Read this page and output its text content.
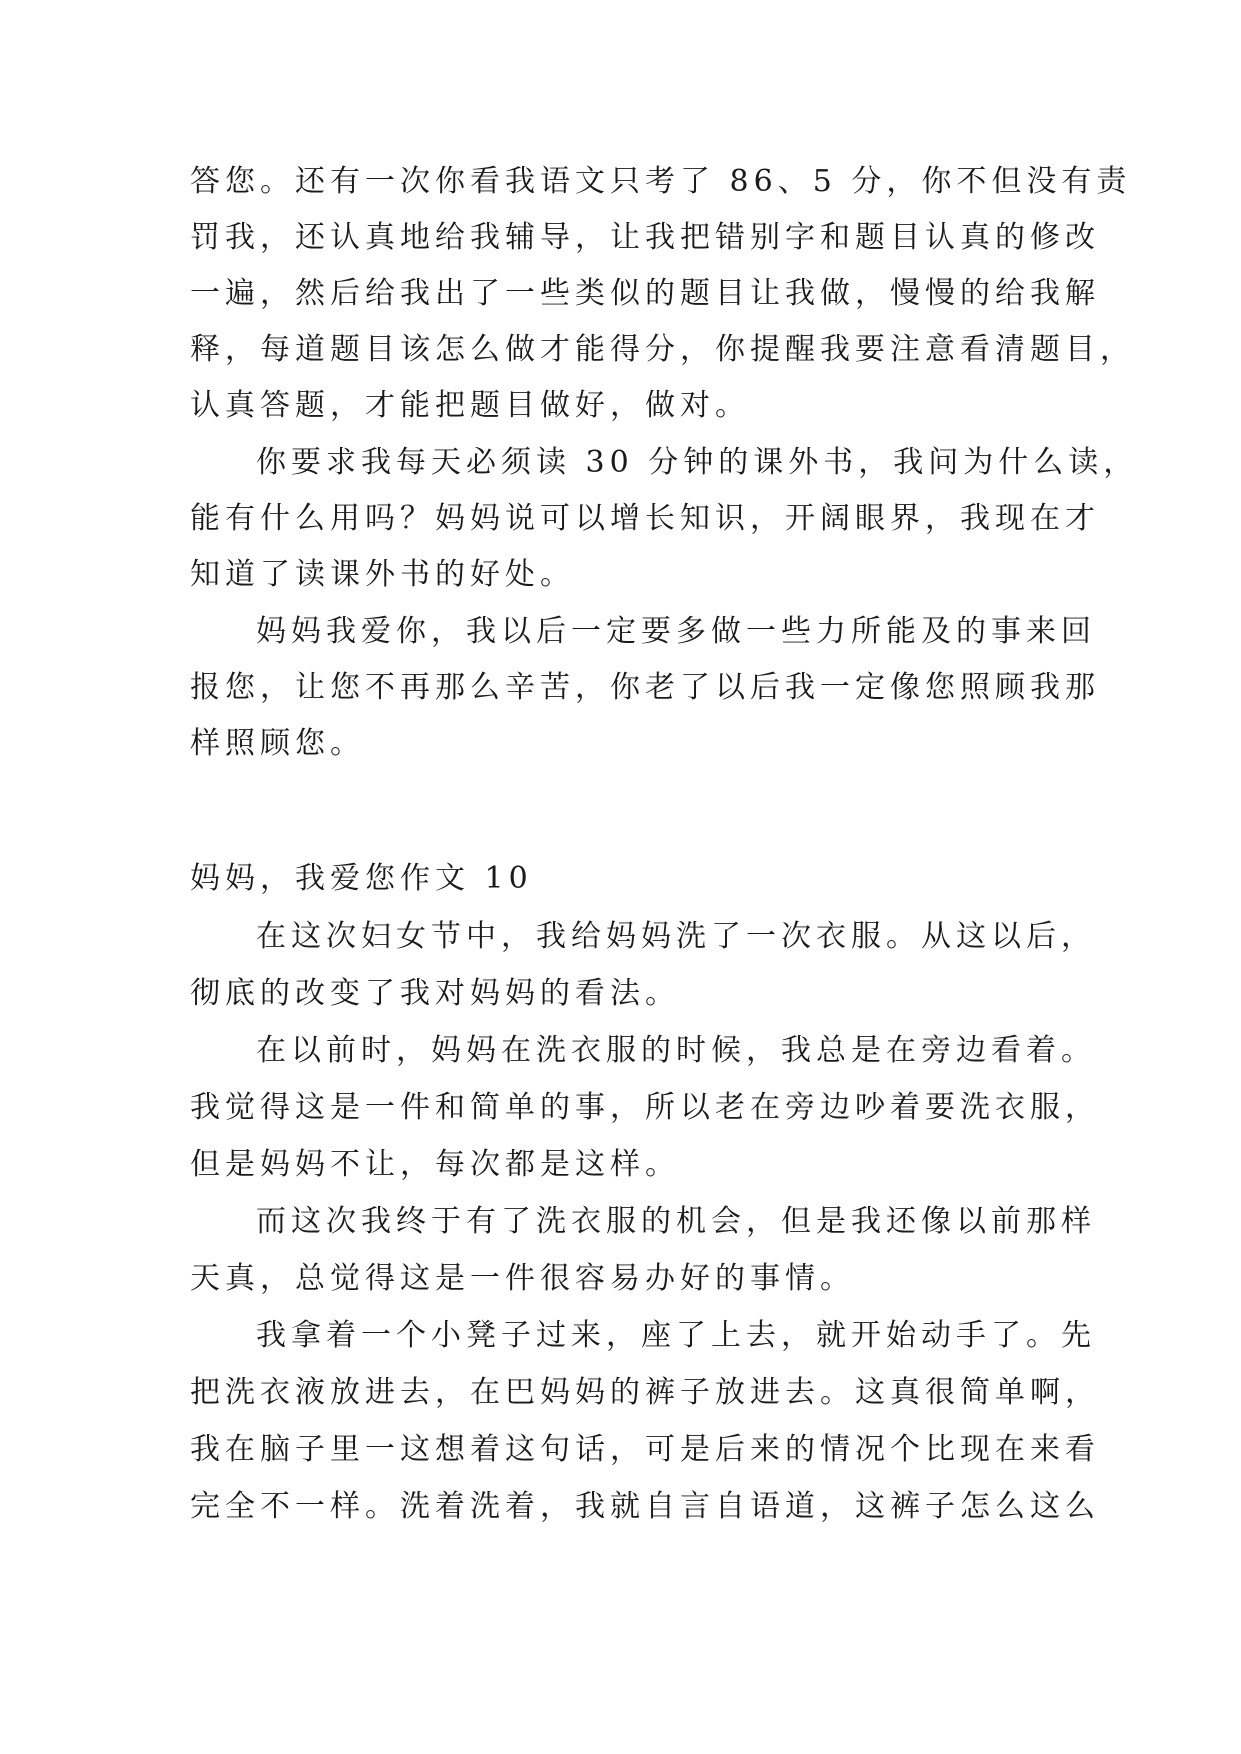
答您。还有一次你看我语文只考了 86、5 分，你不但没有责
罚我，还认真地给我辅导，让我把错别字和题目认真的修改
一遍，然后给我出了一些类似的题目让我做，慢慢的给我解
释，每道题目该怎么做才能得分，你提醒我要注意看清题目，
认真答题，才能把题目做好，做对。
你要求我每天必须读 30 分钟的课外书，我问为什么读，
能有什么用吗？妈妈说可以增长知识，开阔眼界，我现在才
知道了读课外书的好处。
妈妈我爱你，我以后一定要多做一些力所能及的事来回
报您，让您不再那么辛苦，你老了以后我一定像您照顾我那
样照顾您。
妈妈，我爱您作文 10
在这次妇女节中，我给妈妈洗了一次衣服。从这以后，
彻底的改变了我对妈妈的看法。
在以前时，妈妈在洗衣服的时候，我总是在旁边看着。
我觉得这是一件和简单的事，所以老在旁边吵着要洗衣服，
但是妈妈不让，每次都是这样。
而这次我终于有了洗衣服的机会，但是我还像以前那样
天真，总觉得这是一件很容易办好的事情。
我拿着一个小凳子过来，座了上去，就开始动手了。先
把洗衣液放进去，在巴妈妈的裤子放进去。这真很简单啊，
我在脑子里一这想着这句话，可是后来的情况个比现在来看
完全不一样。洗着洗着，我就自言自语道，这裤子怎么这么
